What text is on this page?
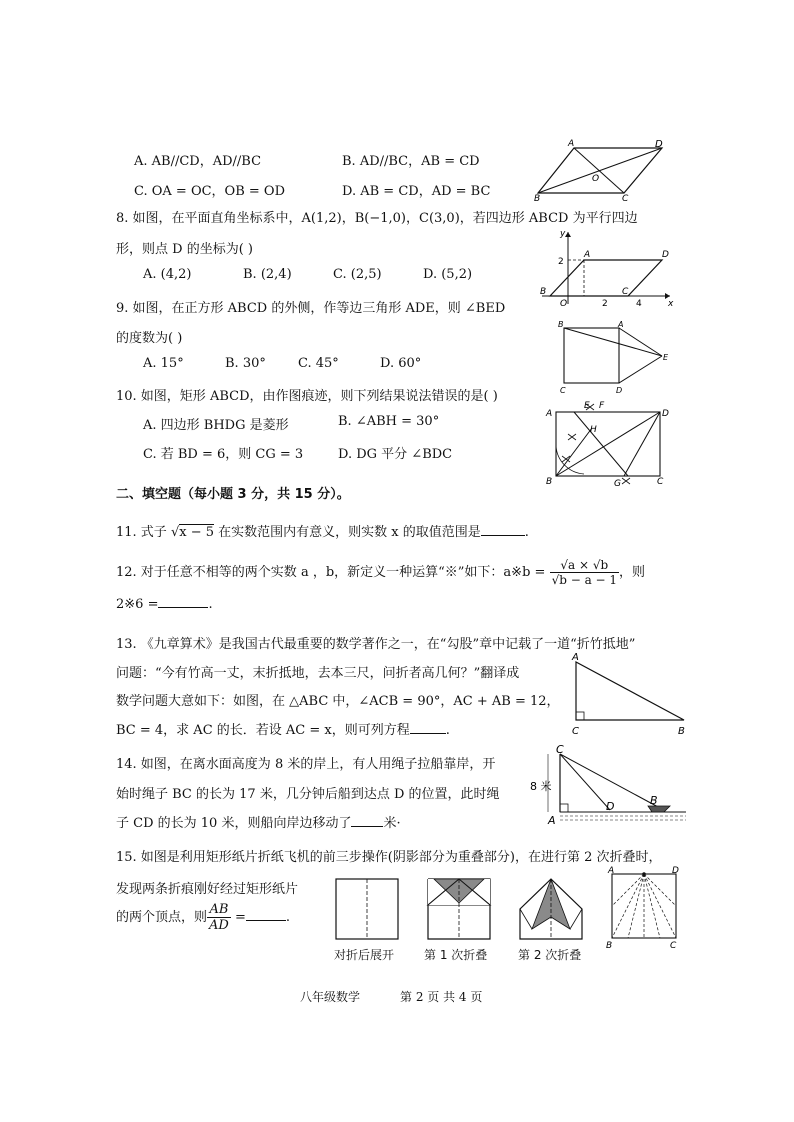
A. AB//CD，AD//BC	B. AD//BC，AB = CD
C. OA = OC，OB = OD	D. AB = CD，AD = BC
A	D
O
B	C
8. 如图，在平面直角坐标系中，A(1,2)，B(−1,0)，C(3,0)，若四边形 ABCD 为平行四边
形，则点 D 的坐标为( )
A. (4,2)	B. (2,4)	C. (2,5)	D. (5,2)
y
x
A	D
2
B
O	2
C
4
9. 如图，在正方形 ABCD 的外侧，作等边三角形 ADE，则 ∠BED
的度数为( )
A. 15°	B. 30° C. 45°	D. 60°
B	A
E
C	D
10. 如图，矩形 ABCD，由作图痕迹，则下列结果说法错误的是( )
A. 四边形 BHDG 是菱形	B. ∠ABH = 30°
C. 若 BD = 6，则 CG = 3	D. DG 平分 ∠BDC
E F
A	D
H
B	G	C
二、填空题（每小题 3 分，共 15 分）。
11. 式子 √x − 5 在实数范围内有意义，则实数 x 的取值范围是	.
12. 对于任意不相等的两个实数 a ，b，新定义一种运算“※”如下：a※b = $\frac{√a \times √b}{√b - a - 1}$ ，则
2※6 =	.
13. 《九章算术》是我国古代最重要的数学著作之一，在“勾股”章中记载了一道“折竹抵地”
问题：“今有竹高一丈，末折抵地，去本三尺，问折者高几何？”翻译成
数学问题大意如下：如图，在 △ABC 中，∠ACB = 90°，AC + AB = 12，
BC = 4，求 AC 的长．若设 AC = x，则可列方程	.
A
C	B
14. 如图，在离水面高度为 8 米的岸上，有人用绳子拉船靠岸，开
始时绳子 BC 的长为 17 米，几分钟后船到达点 D 的位置，此时绳
子 CD 的长为 10 米，则船向岸边移动了 米·
C
8 米
D	B
A
15. 如图是利用矩形纸片折纸飞机的前三步操作(阴影部分为重叠部分)，在进行第 2 次折叠时，
发现两条折痕刚好经过矩形纸片
的两个顶点，则 $\frac{AB}{AD}$ =	.
A	D
B	C
对折后展开 第 1 次折叠	第 2 次折叠
八年级数学	第 2 页 共 4 页
